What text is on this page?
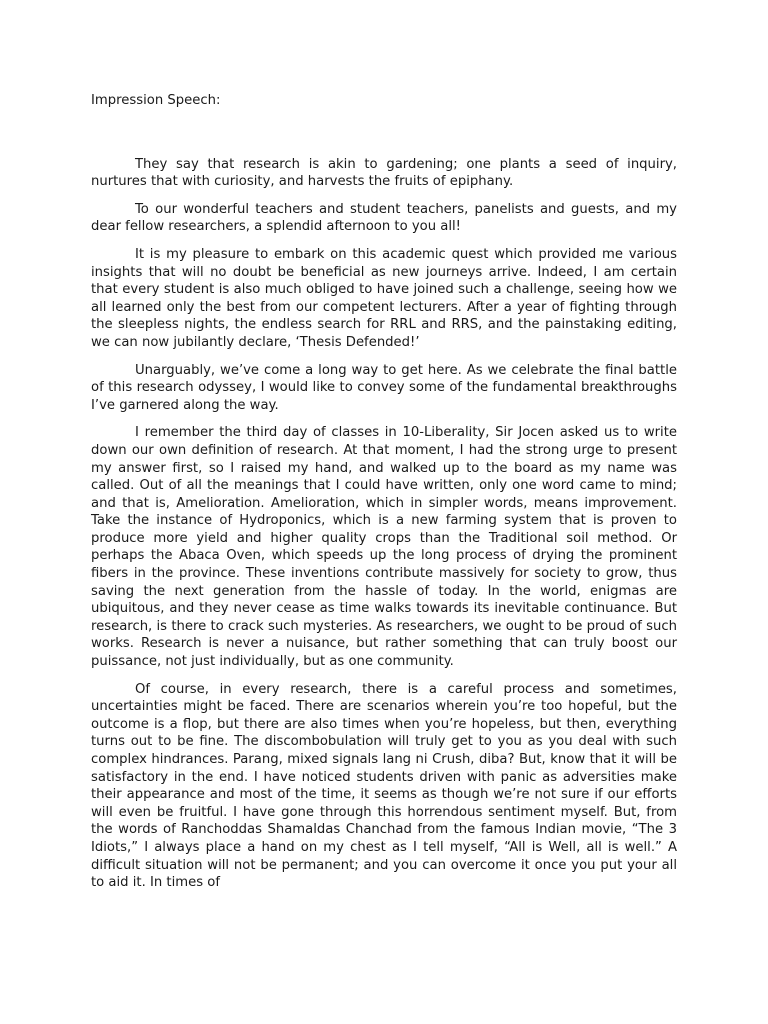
Impression Speech:

They say that research is akin to gardening; one plants a seed of inquiry, nurtures that with curiosity, and harvests the fruits of epiphany.

To our wonderful teachers and student teachers, panelists and guests, and my dear fellow researchers, a splendid afternoon to you all!

It is my pleasure to embark on this academic quest which provided me various insights that will no doubt be beneficial as new journeys arrive. Indeed, I am certain that every student is also much obliged to have joined such a challenge, seeing how we all learned only the best from our competent lecturers. After a year of fighting through the sleepless nights, the endless search for RRL and RRS, and the painstaking editing, we can now jubilantly declare, ‘Thesis Defended!’

Unarguably, we’ve come a long way to get here. As we celebrate the final battle of this research odyssey, I would like to convey some of the fundamental breakthroughs I’ve garnered along the way.

I remember the third day of classes in 10-Liberality, Sir Jocen asked us to write down our own definition of research. At that moment, I had the strong urge to present my answer first, so I raised my hand, and walked up to the board as my name was called. Out of all the meanings that I could have written, only one word came to mind; and that is, Amelioration. Amelioration, which in simpler words, means improvement. Take the instance of Hydroponics, which is a new farming system that is proven to produce more yield and higher quality crops than the Traditional soil method. Or perhaps the Abaca Oven, which speeds up the long process of drying the prominent fibers in the province. These inventions contribute massively for society to grow, thus saving the next generation from the hassle of today. In the world, enigmas are ubiquitous, and they never cease as time walks towards its inevitable continuance. But research, is there to crack such mysteries. As researchers, we ought to be proud of such works. Research is never a nuisance, but rather something that can truly boost our puissance, not just individually, but as one community.

Of course, in every research, there is a careful process and sometimes, uncertainties might be faced. There are scenarios wherein you’re too hopeful, but the outcome is a flop, but there are also times when you’re hopeless, but then, everything turns out to be fine. The discombobulation will truly get to you as you deal with such complex hindrances. Parang, mixed signals lang ni Crush, diba? But, know that it will be satisfactory in the end. I have noticed students driven with panic as adversities make their appearance and most of the time, it seems as though we’re not sure if our efforts will even be fruitful. I have gone through this horrendous sentiment myself. But, from the words of Ranchoddas Shamaldas Chanchad from the famous Indian movie, “The 3 Idiots,” I always place a hand on my chest as I tell myself, “All is Well, all is well.” A difficult situation will not be permanent; and you can overcome it once you put your all to aid it. In times of
